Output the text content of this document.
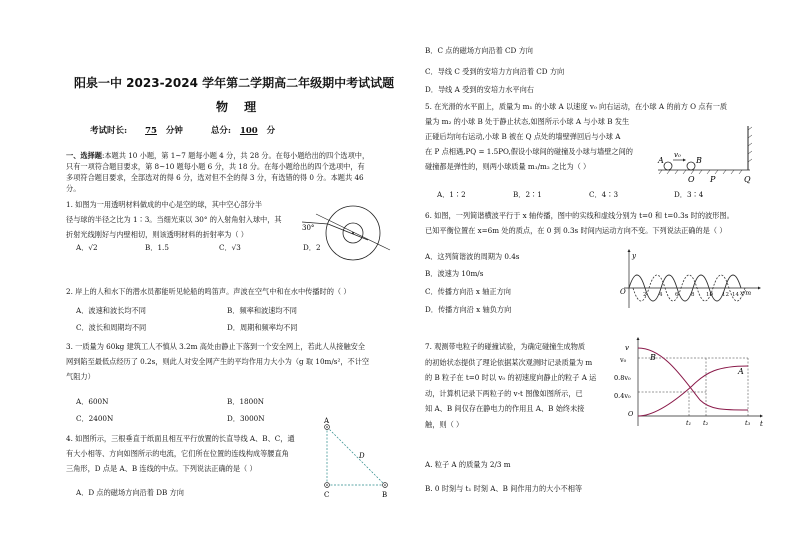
阳泉一中 2023-2024 学年第二学期高二年级期中考试试题
物 理
考试时长: 75 分钟	总分: 100 分
一、选择题:本题共 10 小题，第 1~7 题每小题 4 分，共 28 分。在每小题给出的四个选项中，
只有一项符合题目要求，第 8~10 题每小题 6 分，共 18 分。在每小题给出的四个选项中，有
多项符合题目要求，全部选对的得 6 分，选对但不全的得 3 分，有选错的得 0 分。本题共 46
分。
1. 如图为一用透明材料做成的中心是空的球，其中空心部分半
径与球的半径之比为 1∶3。当细光束以 30° 的入射角射入球中，其
折射光线刚好与内壁相切，则该透明材料的折射率为（ ）
30°
A．√2	B．1.5	C．√3	D．2
2. 岸上的人和水下的潜水员都能听见轮船的鸣笛声。声波在空气中和在水中传播时的（ ）
A．波速和波长均不同	B．频率和波速均不同
C．波长和周期均不同	D．周期和频率均不同
3. 一质量为 60kg 建筑工人不慎从 3.2m 高处由静止下落到一个安全网上，若此人从接触安全
网到陷至最低点经历了 0.2s，则此人对安全网产生的平均作用力大小为（g 取 10m/s²，不计空
气阻力）
A．600N	B．1800N
C．2400N	D．3000N
4. 如图所示，三根垂直于纸面且相互平行放置的长直导线 A、B、C，通
有大小相等、方向如图所示的电流，它们所在位置的连线构成等腰直角
三角形，D 点是 A、B 连线的中点。下列说法正确的是（ ）
A．D 点的磁场方向沿着 DB 方向
A
C	B
D
B．C 点的磁场方向沿着 CD 方向
C．导线 C 受到的安培力方向沿着 CD 方向
D．导线 A 受到的安培力水平向右
5. 在光滑的水平面上，质量为 m₁ 的小球 A 以速度 v₀ 向右运动，在小球 A 的前方 O 点有一质
量为 m₂ 的小球 B 处于静止状态,如图所示小球 A 与小球 B 发生
正碰后均向右运动,小球 B 被在 Q 点处的墙壁弹回后与小球 A
在 P 点相遇,PQ = 1.5PO,假设小球间的碰撞及小球与墙壁之间的
碰撞都是弹性的，则两小球质量 m₁/m₂ 之比为（ ）
A．1∶2	B．2∶1	C．4∶3	D．3∶4
A
v₀
B
O P	Q
6. 如图，一列简谐横波平行于 x 轴传播，图中的实线和虚线分别为 t=0 和 t=0.3s 时的波形图。
已知平衡位置在 x=6m 处的质点，在 0 到 0.3s 时间内运动方向不变。下列说法正确的是（ ）
A．这列简谐波的周期为 0.4s
B．波速为 10m/s
C．传播方向沿 x 轴正方向
D．传播方向沿 x 轴负方向
y
O	x/m
2 4 6 8 10 12 14
7. 观测带电粒子的碰撞试验，为确定碰撞生成物质
的初始状态提供了理论依据某次观测时记录质量为 m
的 B 粒子在 t=0 时以 v₀ 的初速度向静止的粒子 A 运
动，计算机记录下两粒子的 v-t 图像如图所示，已
知 A、B 间仅存在静电力的作用且 A、B 始终未接
触，则（ ）
A. 粒子 A 的质量为 2/3 m
B. 0 时刻与 t₁ 时刻 A、B 间作用力的大小不相等
v
v₀
0.8v₀
0.4v₀
O
t
t₁ t₂	t₃
B
A
